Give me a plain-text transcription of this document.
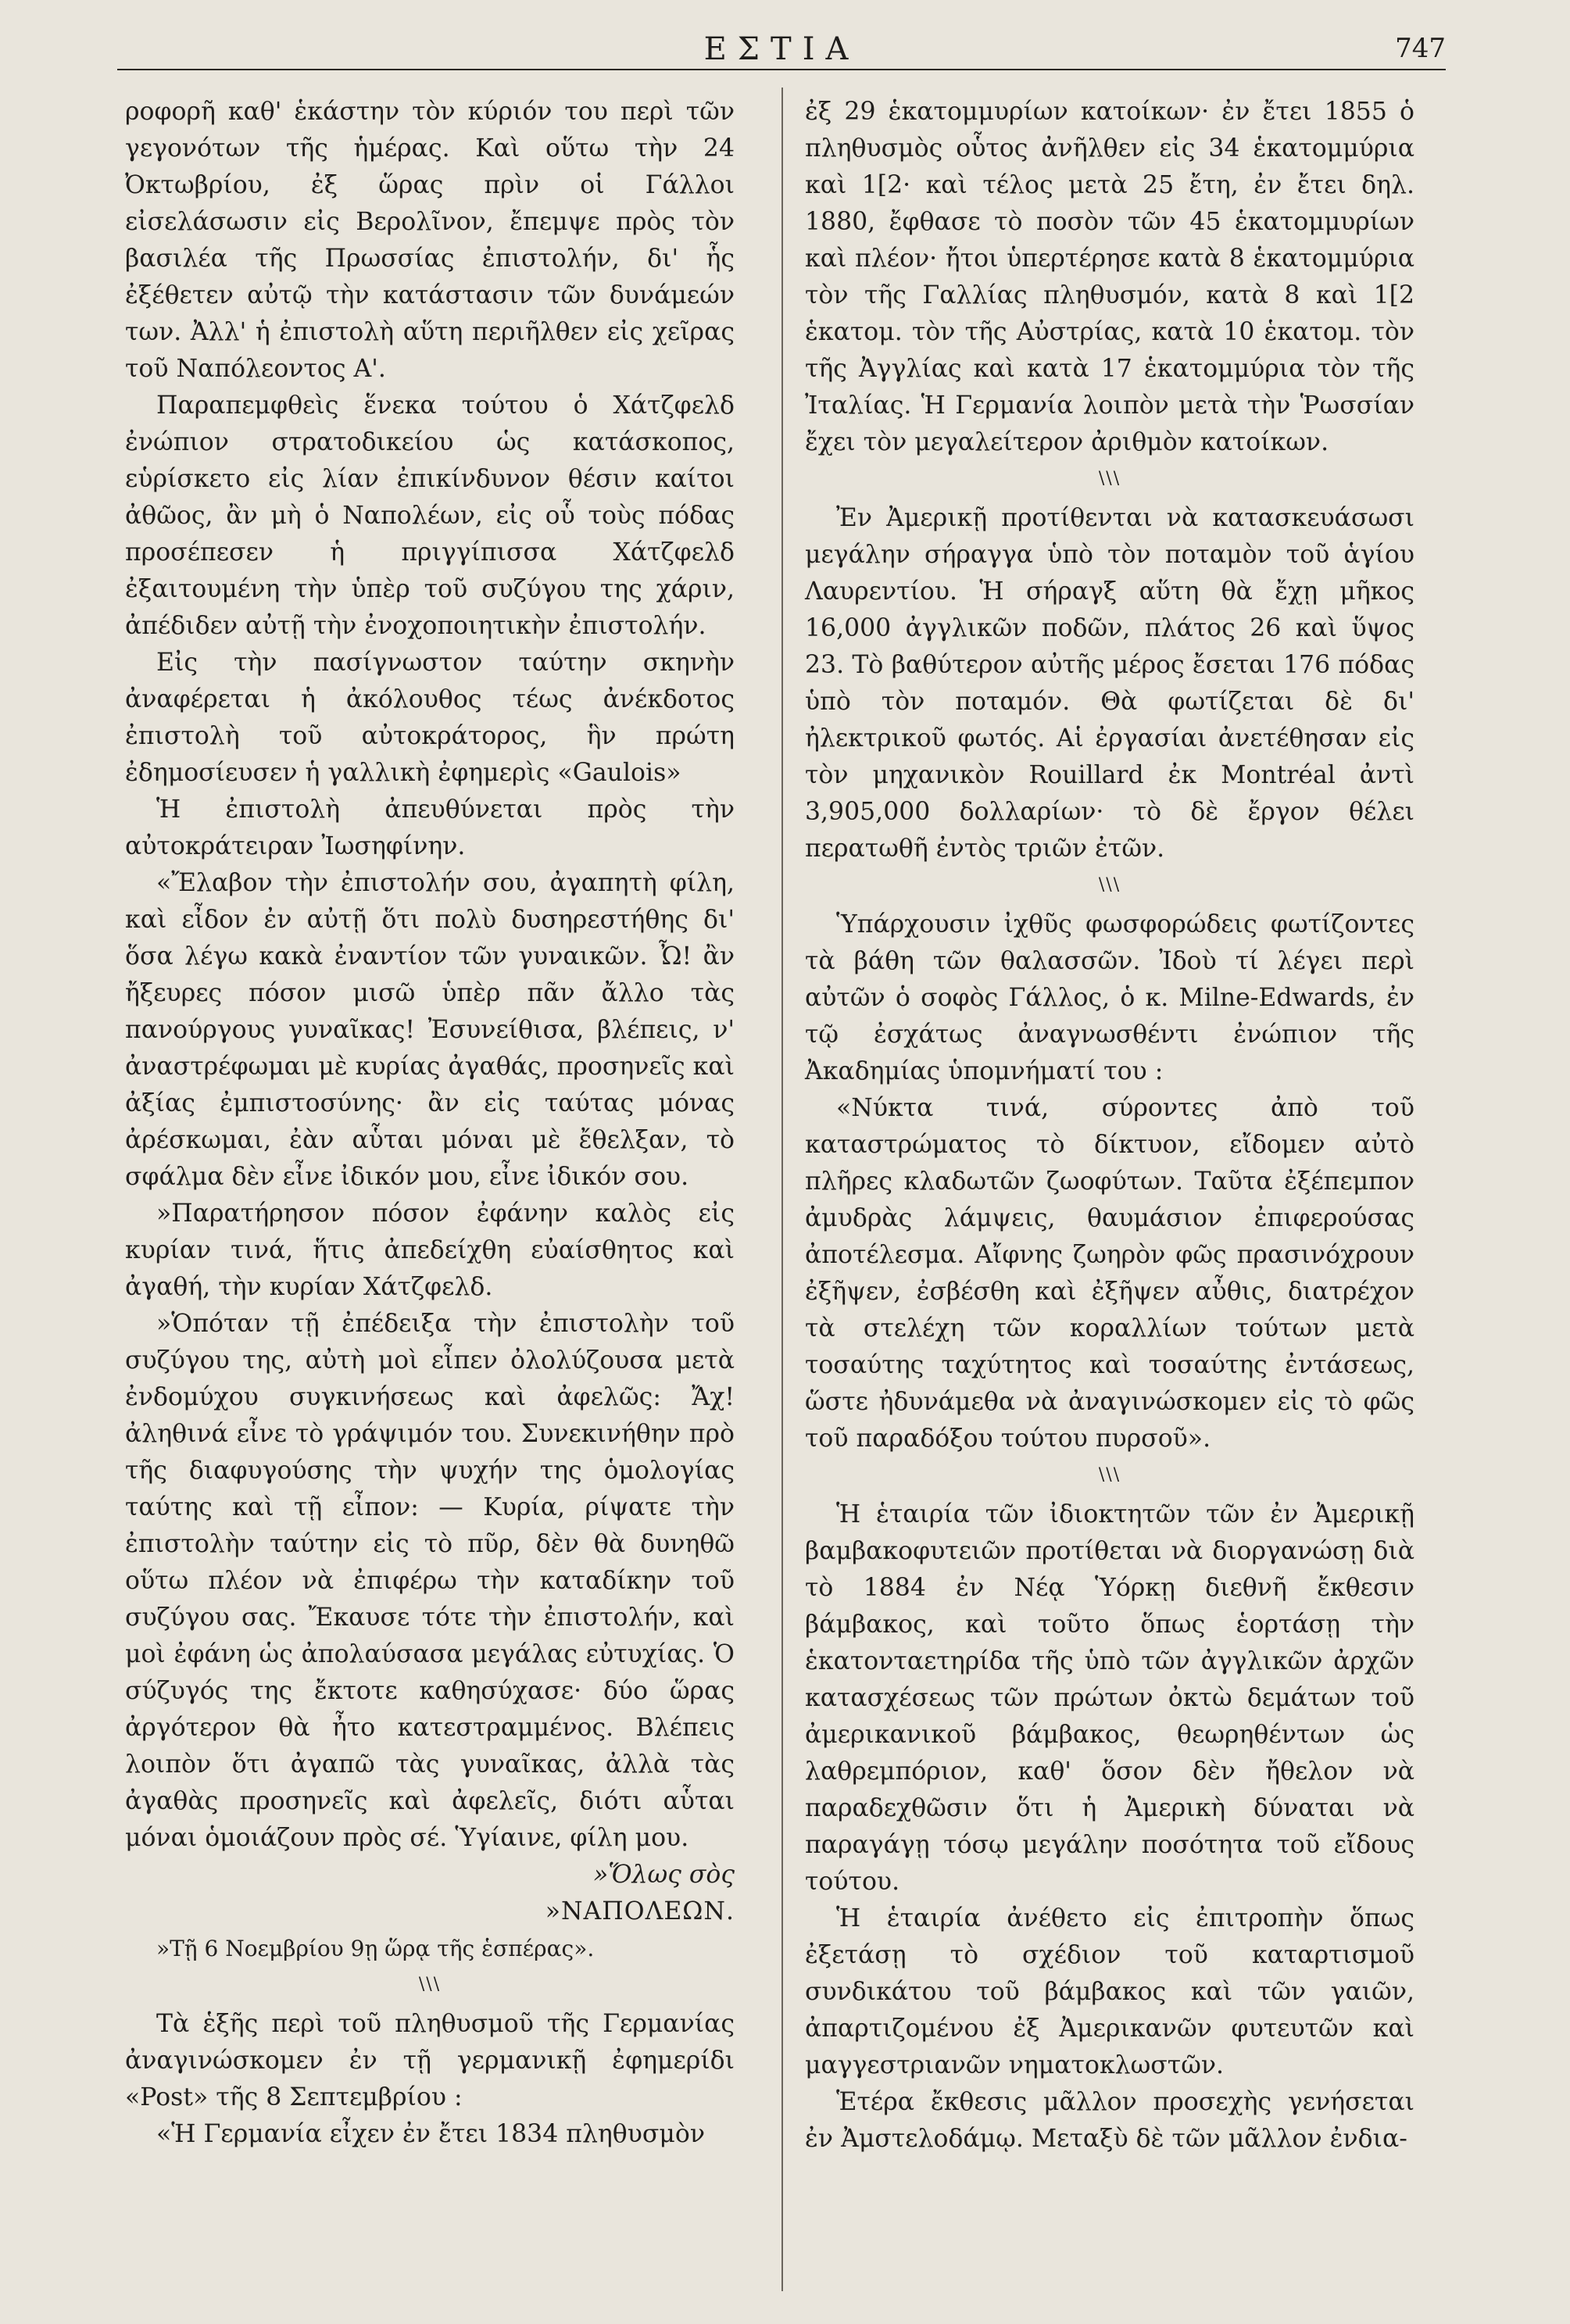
ΕΣΤΙΑ	747

ροφορῆ καθ' ἑκάστην τὸν κύριόν του περὶ τῶν γεγονότων τῆς ἡμέρας. Καὶ οὕτω τὴν 24 Ὀκτωβρίου, ἐξ ὥρας πρὶν οἱ Γάλλοι εἰσελάσωσιν εἰς Βερολῖνον, ἔπεμψε πρὸς τὸν βασιλέα τῆς Πρωσσίας ἐπιστολήν, δι' ἧς ἐξέθετεν αὐτῷ τὴν κατάστασιν τῶν δυνάμεών των. Ἀλλ' ἡ ἐπιστολὴ αὕτη περιῆλθεν εἰς χεῖρας τοῦ Ναπόλεοντος Α'.

Παραπεμφθεὶς ἕνεκα τούτου ὁ Χάτζφελδ ἐνώπιον στρατοδικείου ὡς κατάσκοπος, εὑρίσκετο εἰς λίαν ἐπικίνδυνον θέσιν καίτοι ἀθῶος, ἂν μὴ ὁ Ναπολέων, εἰς οὗ τοὺς πόδας προσέπεσεν ἡ πριγγίπισσα Χάτζφελδ ἐξαιτουμένη τὴν ὑπὲρ τοῦ συζύγου της χάριν, ἀπέδιδεν αὐτῇ τὴν ἐνοχοποιητικὴν ἐπιστολήν.

Εἰς τὴν πασίγνωστον ταύτην σκηνὴν ἀναφέρεται ἡ ἀκόλουθος τέως ἀνέκδοτος ἐπιστολὴ τοῦ αὐτοκράτορος, ἣν πρώτη ἐδημοσίευσεν ἡ γαλλικὴ ἐφημερὶς «Gaulois»

Ἡ ἐπιστολὴ ἀπευθύνεται πρὸς τὴν αὐτοκράτειραν Ἰωσηφίνην.

«Ἔλαβον τὴν ἐπιστολήν σου, ἀγαπητὴ φίλη, καὶ εἶδον ἐν αὐτῇ ὅτι πολὺ δυσηρεστήθης δι' ὅσα λέγω κακὰ ἐναντίον τῶν γυναικῶν. Ὦ! ἂν ἤξευρες πόσον μισῶ ὑπὲρ πᾶν ἄλλο τὰς πανούργους γυναῖκας! Ἐσυνείθισα, βλέπεις, ν' ἀναστρέφωμαι μὲ κυρίας ἀγαθάς, προσηνεῖς καὶ ἀξίας ἐμπιστοσύνης· ἂν εἰς ταύτας μόνας ἀρέσκωμαι, ἐὰν αὗται μόναι μὲ ἔθελξαν, τὸ σφάλμα δὲν εἶνε ἰδικόν μου, εἶνε ἰδικόν σου.

»Παρατήρησον πόσον ἐφάνην καλὸς εἰς κυρίαν τινά, ἥτις ἀπεδείχθη εὐαίσθητος καὶ ἀγαθή, τὴν κυρίαν Χάτζφελδ.

»Ὁπόταν τῇ ἐπέδειξα τὴν ἐπιστολὴν τοῦ συζύγου της, αὐτὴ μοὶ εἶπεν ὀλολύζουσα μετὰ ἐνδομύχου συγκινήσεως καὶ ἀφελῶς: Ἄχ! ἀληθινά εἶνε τὸ γράψιμόν του. Συνεκινήθην πρὸ τῆς διαφυγούσης τὴν ψυχήν της ὁμολογίας ταύτης καὶ τῇ εἶπον: — Κυρία, ρίψατε τὴν ἐπιστολὴν ταύτην εἰς τὸ πῦρ, δὲν θὰ δυνηθῶ οὕτω πλέον νὰ ἐπιφέρω τὴν καταδίκην τοῦ συζύγου σας. Ἔκαυσε τότε τὴν ἐπιστολήν, καὶ μοὶ ἐφάνη ὡς ἀπολαύσασα μεγάλας εὐτυχίας. Ὁ σύζυγός της ἔκτοτε καθησύχασε· δύο ὥρας ἀργότερον θὰ ἦτο κατεστραμμένος. Βλέπεις λοιπὸν ὅτι ἀγαπῶ τὰς γυναῖκας, ἀλλὰ τὰς ἀγαθὰς προσηνεῖς καὶ ἀφελεῖς, διότι αὗται μόναι ὁμοιάζουν πρὸς σέ. Ὑγίαινε, φίλη μου.

»Ὅλως σὸς

»ΝΑΠΟΛΕΩΝ.

»Τῇ 6 Νοεμβρίου 9ῃ ὥρᾳ τῆς ἑσπέρας».

\\\

Τὰ ἑξῆς περὶ τοῦ πληθυσμοῦ τῆς Γερμανίας ἀναγινώσκομεν ἐν τῇ γερμανικῇ ἐφημερίδι «Post» τῆς 8 Σεπτεμβρίου :

«Ἡ Γερμανία εἶχεν ἐν ἔτει 1834 πληθυσμὸν

ἐξ 29 ἑκατομμυρίων κατοίκων· ἐν ἔτει 1855 ὁ πληθυσμὸς οὗτος ἀνῆλθεν εἰς 34 ἑκατομμύρια καὶ 1[2· καὶ τέλος μετὰ 25 ἔτη, ἐν ἔτει δηλ. 1880, ἔφθασε τὸ ποσὸν τῶν 45 ἑκατομμυρίων καὶ πλέον· ἤτοι ὑπερτέρησε κατὰ 8 ἑκατομμύρια τὸν τῆς Γαλλίας πληθυσμόν, κατὰ 8 καὶ 1[2 ἑκατομ. τὸν τῆς Αὐστρίας, κατὰ 10 ἑκατομ. τὸν τῆς Ἀγγλίας καὶ κατὰ 17 ἑκατομμύρια τὸν τῆς Ἰταλίας. Ἡ Γερμανία λοιπὸν μετὰ τὴν Ῥωσσίαν ἔχει τὸν μεγαλείτερον ἀριθμὸν κατοίκων.

\\\

Ἐν Ἀμερικῇ προτίθενται νὰ κατασκευάσωσι μεγάλην σήραγγα ὑπὸ τὸν ποταμὸν τοῦ ἁγίου Λαυρεντίου. Ἡ σήραγξ αὕτη θὰ ἔχῃ μῆκος 16,000 ἀγγλικῶν ποδῶν, πλάτος 26 καὶ ὕψος 23. Τὸ βαθύτερον αὐτῆς μέρος ἔσεται 176 πόδας ὑπὸ τὸν ποταμόν. Θὰ φωτίζεται δὲ δι' ἠλεκτρικοῦ φωτός. Αἱ ἐργασίαι ἀνετέθησαν εἰς τὸν μηχανικὸν Rouillard ἐκ Montréal ἀντὶ 3,905,000 δολλαρίων· τὸ δὲ ἔργον θέλει περατωθῆ ἐντὸς τριῶν ἐτῶν.

\\\

Ὑπάρχουσιν ἰχθῦς φωσφορώδεις φωτίζοντες τὰ βάθη τῶν θαλασσῶν. Ἰδοὺ τί λέγει περὶ αὐτῶν ὁ σοφὸς Γάλλος, ὁ κ. Milne-Edwards, ἐν τῷ ἐσχάτως ἀναγνωσθέντι ἐνώπιον τῆς Ἀκαδημίας ὑπομνήματί του :

«Νύκτα τινά, σύροντες ἀπὸ τοῦ καταστρώματος τὸ δίκτυον, εἴδομεν αὐτὸ πλῆρες κλαδωτῶν ζωοφύτων. Ταῦτα ἐξέπεμπον ἀμυδρὰς λάμψεις, θαυμάσιον ἐπιφερούσας ἀποτέλεσμα. Αἴφνης ζωηρὸν φῶς πρασινόχρουν ἐξῆψεν, ἐσβέσθη καὶ ἐξῆψεν αὖθις, διατρέχον τὰ στελέχη τῶν κοραλλίων τούτων μετὰ τοσαύτης ταχύτητος καὶ τοσαύτης ἐντάσεως, ὥστε ἠδυνάμεθα νὰ ἀναγινώσκομεν εἰς τὸ φῶς τοῦ παραδόξου τούτου πυρσοῦ».

\\\

Ἡ ἑταιρία τῶν ἰδιοκτητῶν τῶν ἐν Ἀμερικῇ βαμβακοφυτειῶν προτίθεται νὰ διοργανώσῃ διὰ τὸ 1884 ἐν Νέᾳ Ὑόρκῃ διεθνῆ ἔκθεσιν βάμβακος, καὶ τοῦτο ὅπως ἑορτάσῃ τὴν ἑκατονταετηρίδα τῆς ὑπὸ τῶν ἀγγλικῶν ἀρχῶν κατασχέσεως τῶν πρώτων ὀκτὼ δεμάτων τοῦ ἀμερικανικοῦ βάμβακος, θεωρηθέντων ὡς λαθρεμπόριον, καθ' ὅσον δὲν ἤθελον νὰ παραδεχθῶσιν ὅτι ἡ Ἀμερικὴ δύναται νὰ παραγάγῃ τόσῳ μεγάλην ποσότητα τοῦ εἴδους τούτου.

Ἡ ἑταιρία ἀνέθετο εἰς ἐπιτροπὴν ὅπως ἐξετάσῃ τὸ σχέδιον τοῦ καταρτισμοῦ συνδικάτου τοῦ βάμβακος καὶ τῶν γαιῶν, ἀπαρτιζομένου ἐξ Ἀμερικανῶν φυτευτῶν καὶ μαγγεστριανῶν νηματοκλωστῶν.

Ἑτέρα ἔκθεσις μᾶλλον προσεχὴς γενήσεται ἐν Ἀμστελοδάμῳ. Μεταξὺ δὲ τῶν μᾶλλον ἐνδια-
